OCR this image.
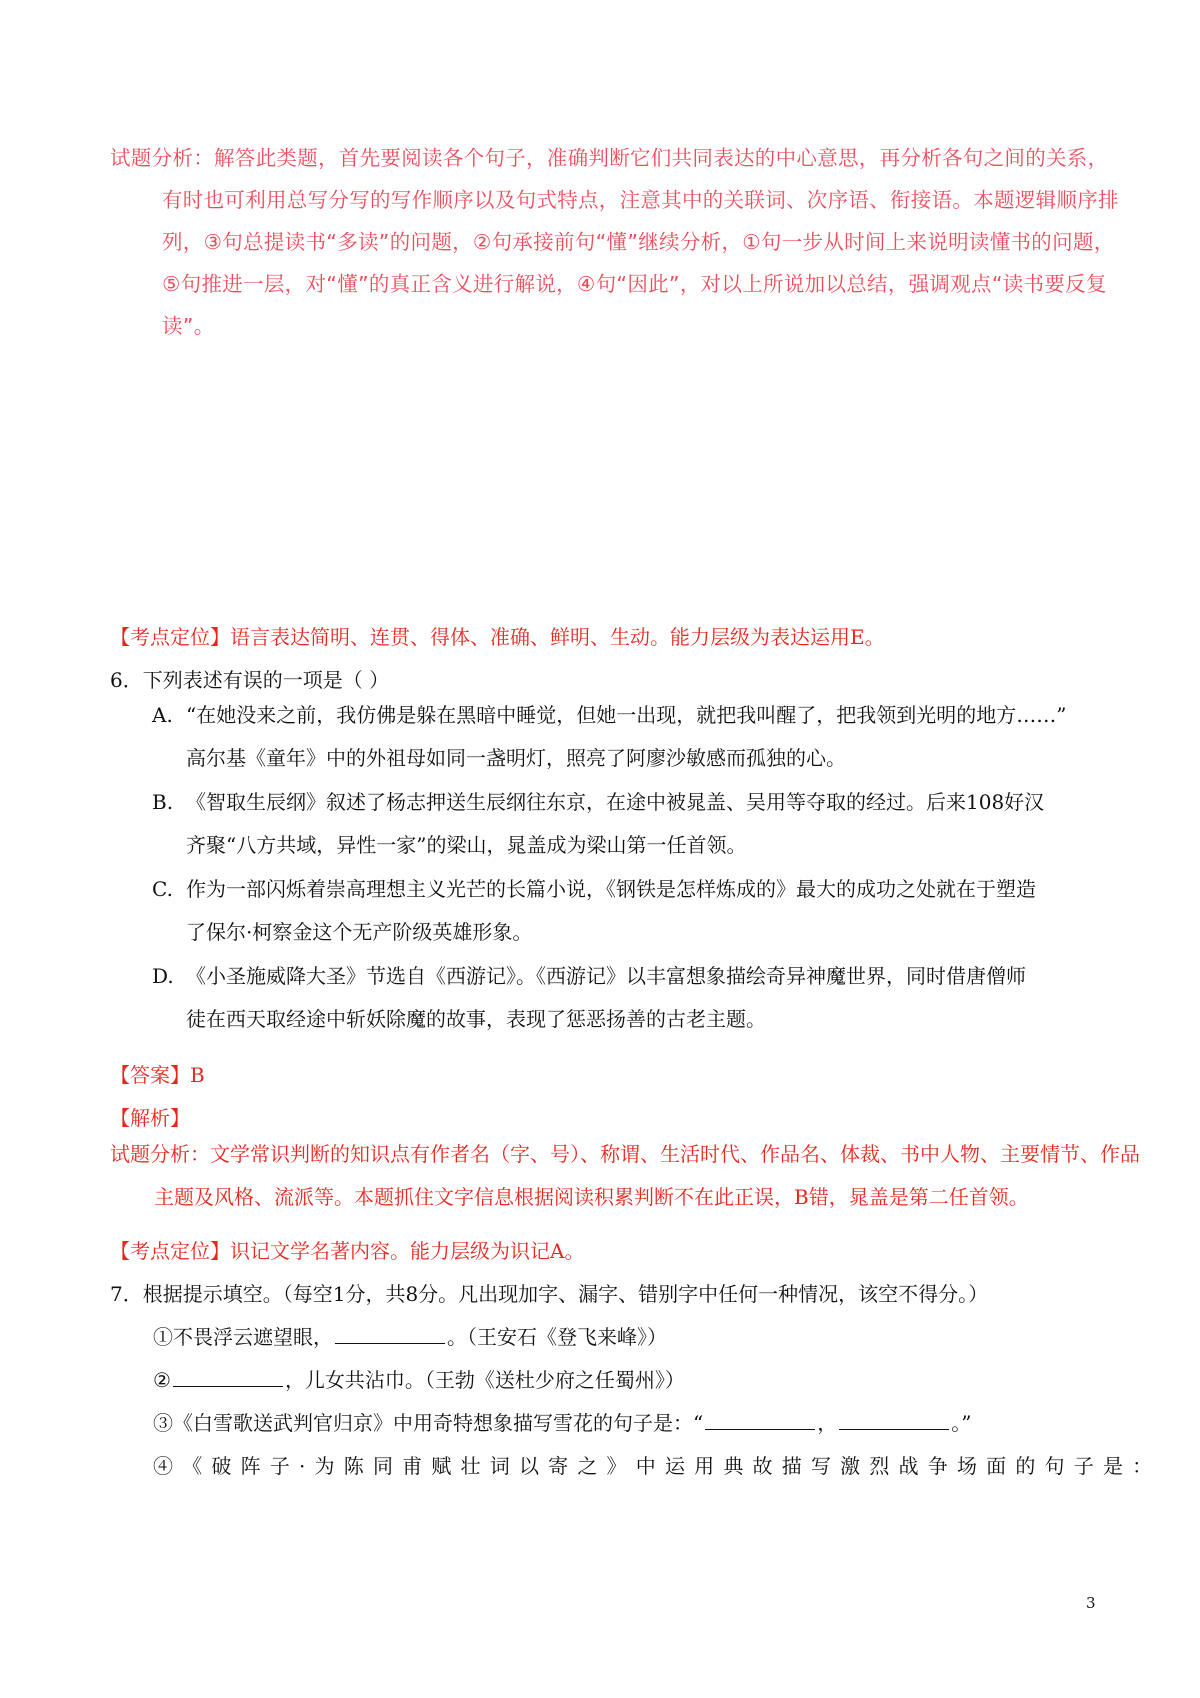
试题分析：解答此类题，首先要阅读各个句子，准确判断它们共同表达的中心意思，再分析各句之间的关系，有时也可利用总写分写的写作顺序以及句式特点，注意其中的关联词、次序语、衔接语。本题逻辑顺序排列，③句总提读书“多读”的问题，②句承接前句“懂”继续分析，①句一步从时间上来说明读懂书的问题，⑤句推进一层，对“懂”的真正含义进行解说，④句“因此”，对以上所说加以总结，强调观点“读书要反复读”。
【考点定位】语言表达简明、连贯、得体、准确、鲜明、生动。能力层级为表达运用E。
6．下列表述有误的一项是（ ）
A. “在她没来之前，我仿佛是躲在黑暗中睡觉，但她一出现，就把我叫醒了，把我领到光明的地方……”
高尔基《童年》中的外祖母如同一盏明灯，照亮了阿廖沙敏感而孤独的心。
B. 《智取生辰纲》叙述了杨志押送生辰纲往东京，在途中被晁盖、吴用等夺取的经过。后来108好汉
齐聚“八方共域，异性一家”的梁山，晁盖成为梁山第一任首领。
C. 作为一部闪烁着崇高理想主义光芒的长篇小说，《钢铁是怎样炼成的》最大的成功之处就在于塑造
了保尔·柯察金这个无产阶级英雄形象。
D. 《小圣施威降大圣》节选自《西游记》。《西游记》以丰富想象描绘奇异神魔世界，同时借唐僧师
徒在西天取经途中斩妖除魔的故事，表现了惩恶扬善的古老主题。
【答案】B
【解析】
试题分析：文学常识判断的知识点有作者名（字、号）、称谓、生活时代、作品名、体裁、书中人物、主要情节、作品主题及风格、流派等。本题抓住文字信息根据阅读积累判断不在此正误，B错，晁盖是第二任首领。
【考点定位】识记文学名著内容。能力层级为识记A。
7．根据提示填空。（每空1分，共8分。凡出现加字、漏字、错别字中任何一种情况，该空不得分。）
①不畏浮云遮望眼，	。（王安石《登飞来峰》）
②	，儿女共沾巾。（王勃《送杜少府之任蜀州》）
③《白雪歌送武判官归京》中用奇特想象描写雪花的句子是：“	，	。”
④《破阵子·为陈同甫赋壮词以寄之》中运用典故描写激烈战争场面的句子是：
3
